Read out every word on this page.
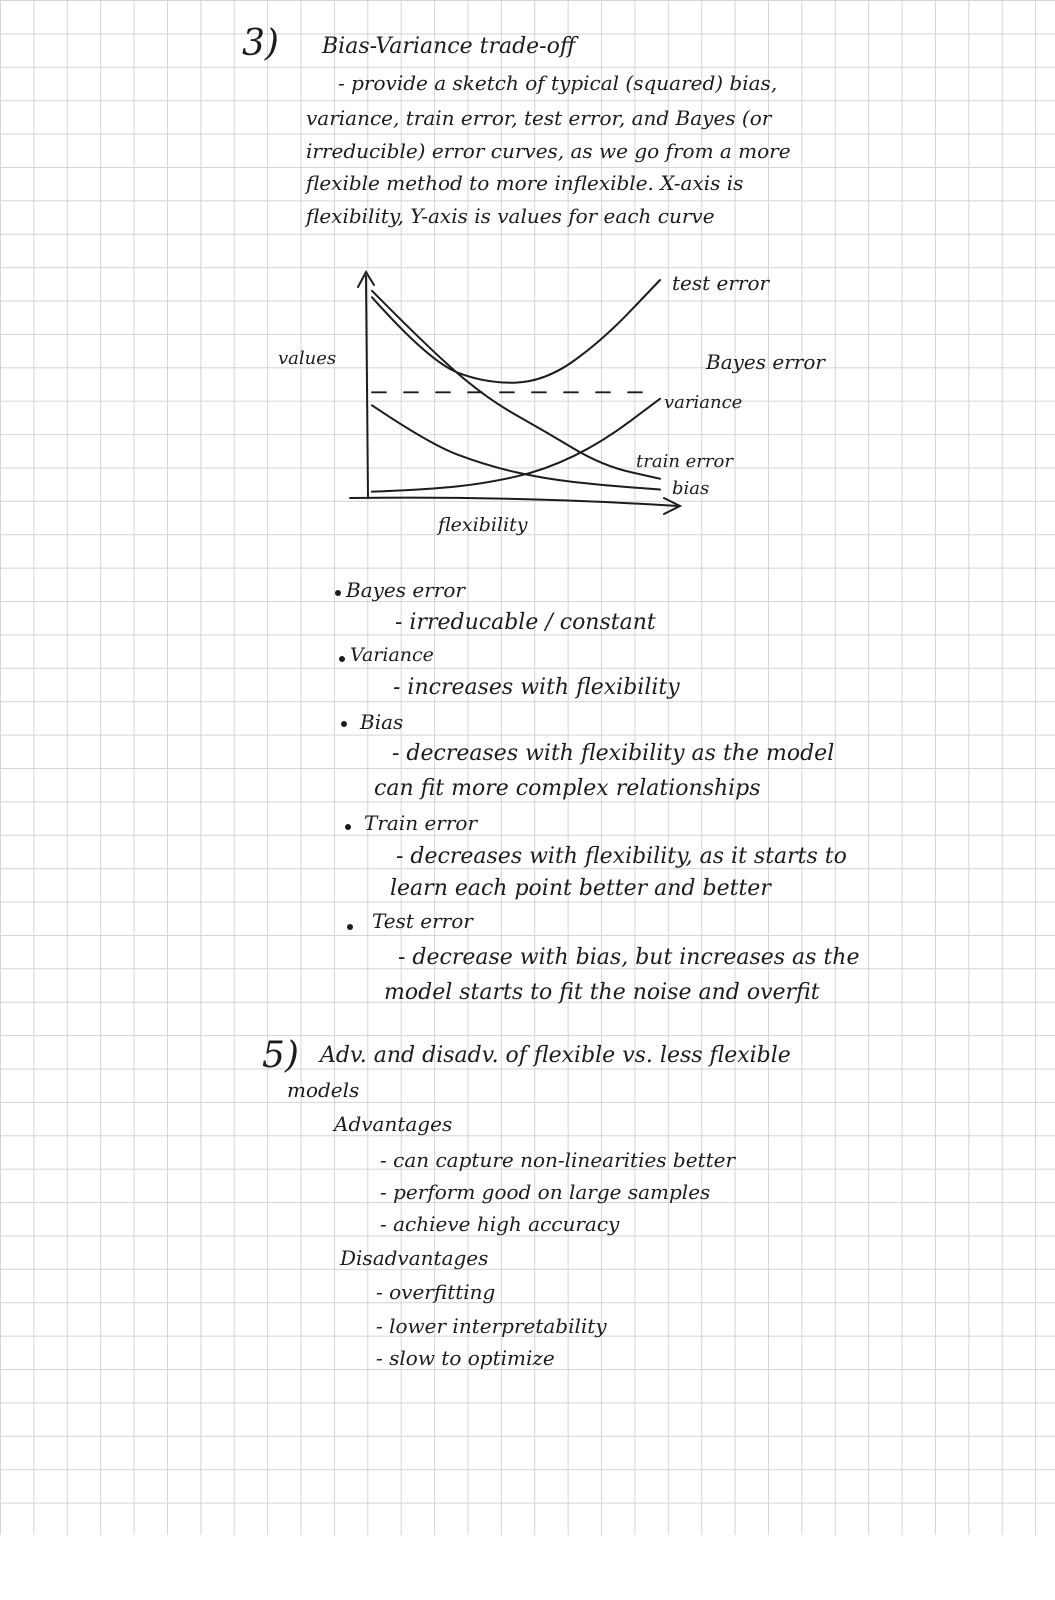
3) Bias-Variance trade-off
- provide a sketch of typical (squared) bias,
variance, train error, test error, and Bayes (or
irreducible) error curves, as we go from a more
flexible method to more inflexible. X-axis is
flexibility, Y-axis is values for each curve
test error
Bayes error
variance
train error
bias
values
flexibility
Bayes error
- irreducable / constant
Variance
- increases with flexibility
Bias
- decreases with flexibility as the model
can fit more complex relationships
Train error
- decreases with flexibility, as it starts to
learn each point better and better
Test error
- decrease with bias, but increases as the
model starts to fit the noise and overfit
5) Adv. and disadv. of flexible vs. less flexible
models
Advantages
- can capture non-linearities better
- perform good on large samples
- achieve high accuracy
Disadvantages
- overfitting
- lower interpretability
- slow to optimize
